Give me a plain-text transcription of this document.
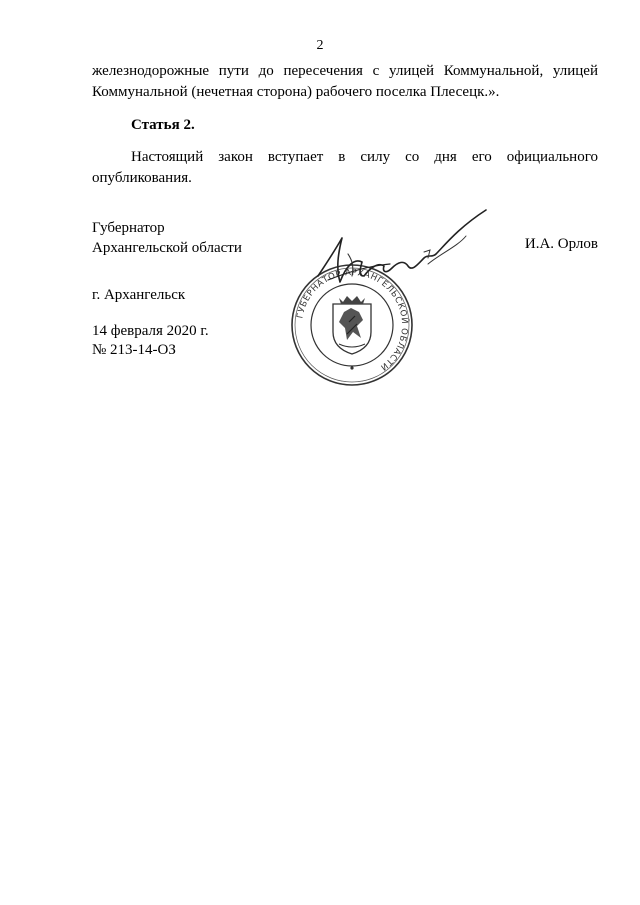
2
железнодорожные пути до пересечения с улицей Коммунальной, улицей
Коммунальной (нечетная сторона) рабочего поселка Плесецк.».
Статья 2.
Настоящий закон вступает в силу со дня его официального
опубликования.
Губернатор
Архангельской области	И.А. Орлов
г. Архангельск
14 февраля 2020 г.
№ 213-14-ОЗ
ГУБЕРНАТОР АРХАНГЕЛЬСКОЙ ОБЛАСТИ
